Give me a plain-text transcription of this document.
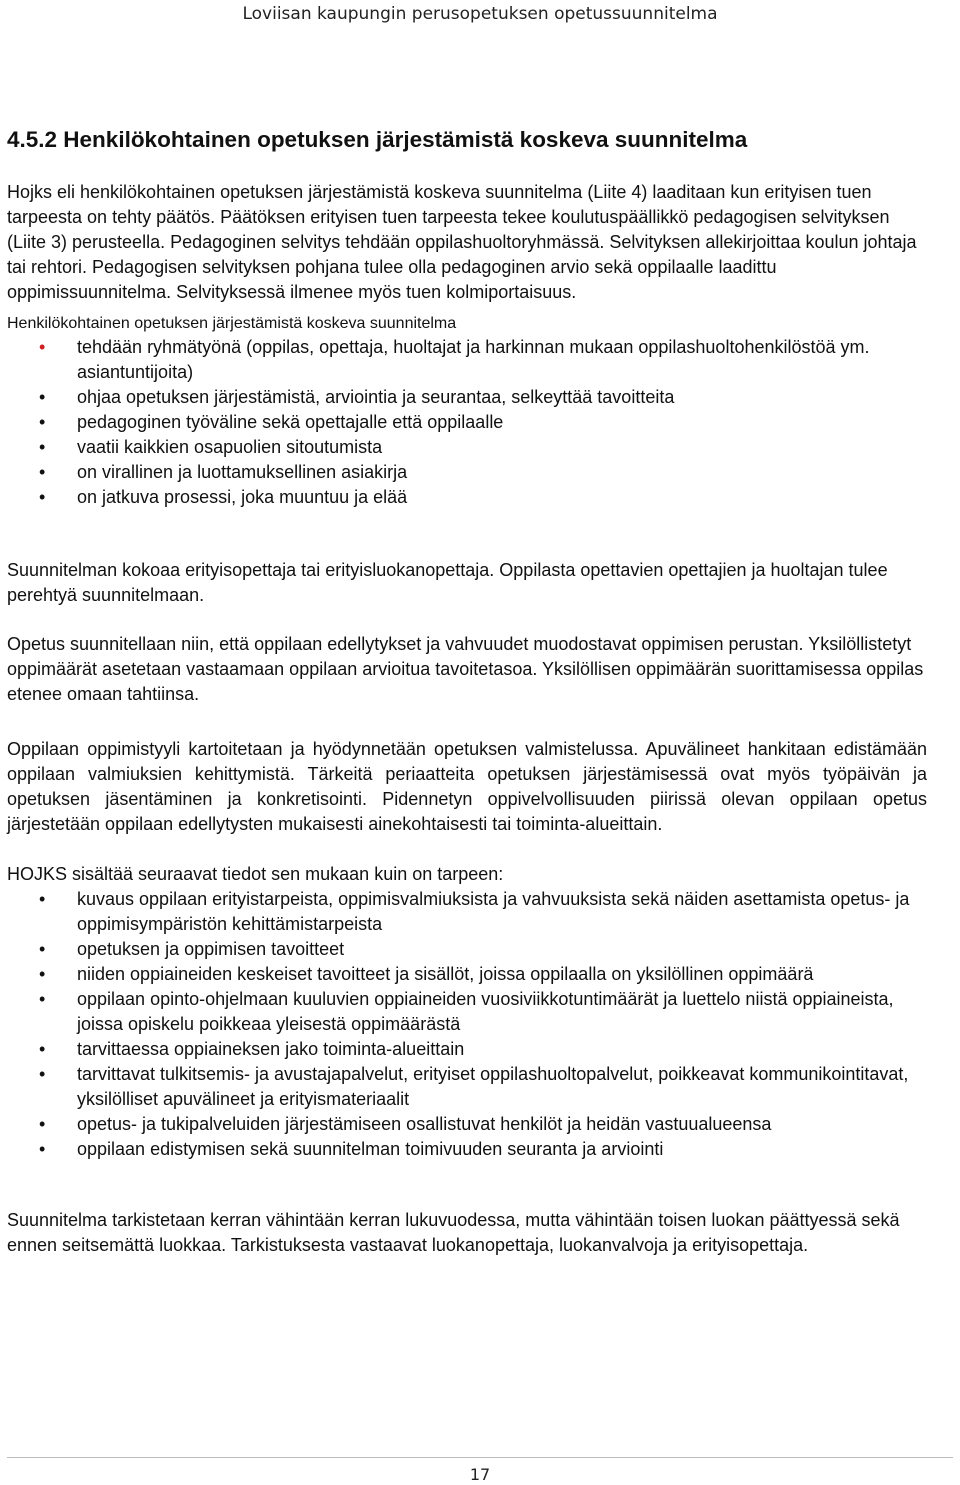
Loviisan kaupungin perusopetuksen opetussuunnitelma
4.5.2 Henkilökohtainen opetuksen järjestämistä koskeva suunnitelma

Hojks eli henkilökohtainen opetuksen järjestämistä koskeva suunnitelma (Liite 4) laaditaan kun erityisen tuen tarpeesta on tehty päätös. Päätöksen erityisen tuen tarpeesta tekee koulutuspäällikkö pedagogisen selvityksen (Liite 3) perusteella. Pedagoginen selvitys tehdään oppilashuoltoryhmässä. Selvityksen allekirjoittaa koulun johtaja tai rehtori. Pedagogisen selvityksen pohjana tulee olla pedagoginen arvio sekä oppilaalle laadittu oppimissuunnitelma. Selvityksessä ilmenee myös tuen kolmiportaisuus.

Henkilökohtainen opetuksen järjestämistä koskeva suunnitelma

• tehdään ryhmätyönä (oppilas, opettaja, huoltajat ja harkinnan mukaan oppilashuoltohenkilöstöä ym. asiantuntijoita)
• ohjaa opetuksen järjestämistä, arviointia ja seurantaa, selkeyttää tavoitteita
• pedagoginen työväline sekä opettajalle että oppilaalle
• vaatii kaikkien osapuolien sitoutumista
• on virallinen ja luottamuksellinen asiakirja
• on jatkuva prosessi, joka muuntuu ja elää

Suunnitelman kokoaa erityisopettaja tai erityisluokanopettaja. Oppilasta opettavien opettajien ja huoltajan tulee perehtyä suunnitelmaan.

Opetus suunnitellaan niin, että oppilaan edellytykset ja vahvuudet muodostavat oppimisen perustan. Yksilöllistetyt oppimäärät asetetaan vastaamaan oppilaan arvioitua tavoitetasoa. Yksilöllisen oppimäärän suorittamisessa oppilas etenee omaan tahtiinsa.

Oppilaan oppimistyyli kartoitetaan ja hyödynnetään opetuksen valmistelussa. Apuvälineet hankitaan edistämään oppilaan valmiuksien kehittymistä. Tärkeitä periaatteita opetuksen järjestämisessä ovat myös työpäivän ja opetuksen jäsentäminen ja konkretisointi. Pidennetyn oppivelvollisuuden piirissä olevan oppilaan opetus järjestetään oppilaan edellytysten mukaisesti ainekohtaisesti tai toiminta-alueittain.

HOJKS sisältää seuraavat tiedot sen mukaan kuin on tarpeen:

• kuvaus oppilaan erityistarpeista, oppimisvalmiuksista ja vahvuuksista sekä näiden asettamista opetus- ja oppimisympäristön kehittämistarpeista
• opetuksen ja oppimisen tavoitteet
• niiden oppiaineiden keskeiset tavoitteet ja sisällöt, joissa oppilaalla on yksilöllinen oppimäärä
• oppilaan opinto-ohjelmaan kuuluvien oppiaineiden vuosiviikkotuntimäärät ja luettelo niistä oppiaineista, joissa opiskelu poikkeaa yleisestä oppimäärästä
• tarvittaessa oppiaineksen jako toiminta-alueittain
• tarvittavat tulkitsemis- ja avustajapalvelut, erityiset oppilashuoltopalvelut, poikkeavat kommunikointitavat, yksilölliset apuvälineet ja erityismateriaalit
• opetus- ja tukipalveluiden järjestämiseen osallistuvat henkilöt ja heidän vastuualueensa
• oppilaan edistymisen sekä suunnitelman toimivuuden seuranta ja arviointi

Suunnitelma tarkistetaan kerran vähintään kerran lukuvuodessa, mutta vähintään toisen luokan päättyessä sekä ennen seitsemättä luokkaa. Tarkistuksesta vastaavat luokanopettaja, luokanvalvoja ja erityisopettaja.

17
